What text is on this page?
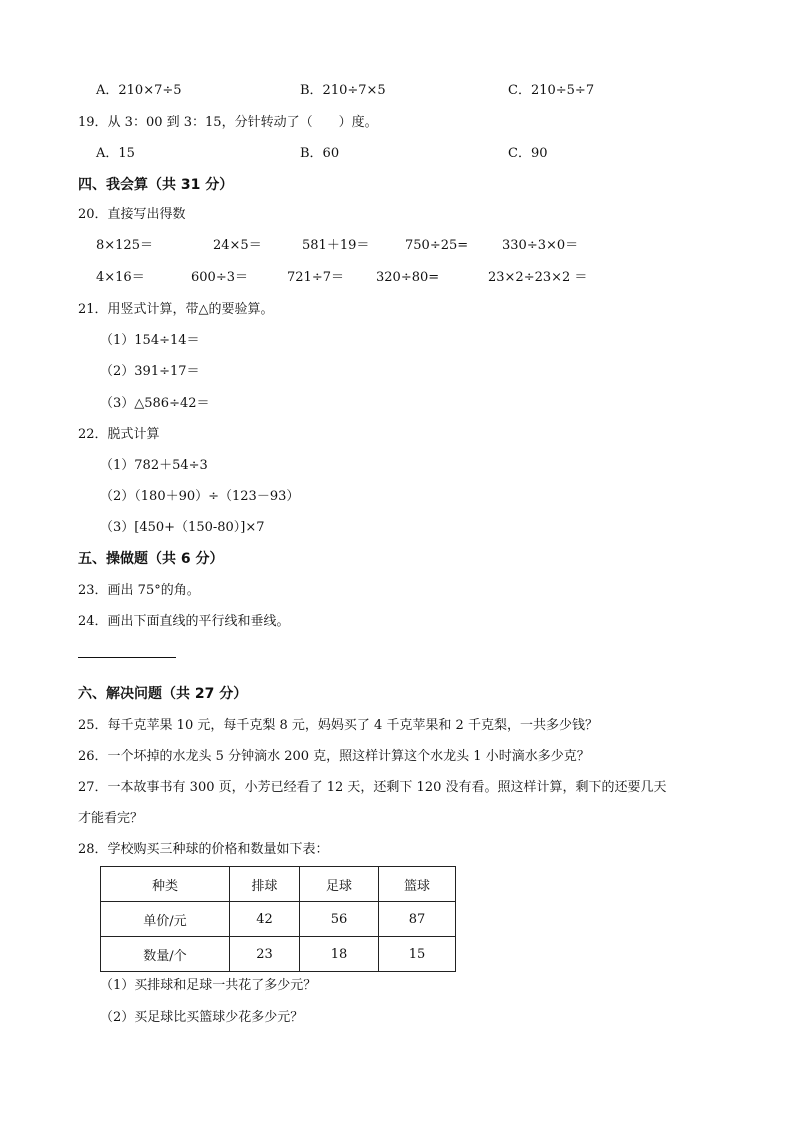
A．210×7÷5	B．210÷7×5	C．210÷5÷7
19．从 3：00 到 3：15，分针转动了（　　）度。
A．15	B．60	C．90
四、我会算（共 31 分）
20．直接写出得数
8×125＝	24×5＝	581＋19＝	750÷25=	330÷3×0＝
4×16＝	600÷3＝	721÷7＝ 320÷80=	23×2÷23×2 ＝
21．用竖式计算，带△的要验算。
（1）154÷14＝
（2）391÷17＝
（3）△586÷42＝
22．脱式计算
（1）782＋54÷3
（2）（180＋90）÷（123－93）
（3）[450+（150-80）]×7
五、操做题（共 6 分）
23．画出 75°的角。
24．画出下面直线的平行线和垂线。
六、解决问题（共 27 分）
25．每千克苹果 10 元，每千克梨 8 元，妈妈买了 4 千克苹果和 2 千克梨，一共多少钱？
26．一个坏掉的水龙头 5 分钟滴水 200 克，照这样计算这个水龙头 1 小时滴水多少克？
27．一本故事书有 300 页，小芳已经看了 12 天，还剩下 120 没有看。照这样计算，剩下的还要几天
才能看完？
28．学校购买三种球的价格和数量如下表：
种类	排球	足球	篮球
单价/元	42	56	87
数量/个	23	18	15
（1）买排球和足球一共花了多少元？
（2）买足球比买篮球少花多少元？
